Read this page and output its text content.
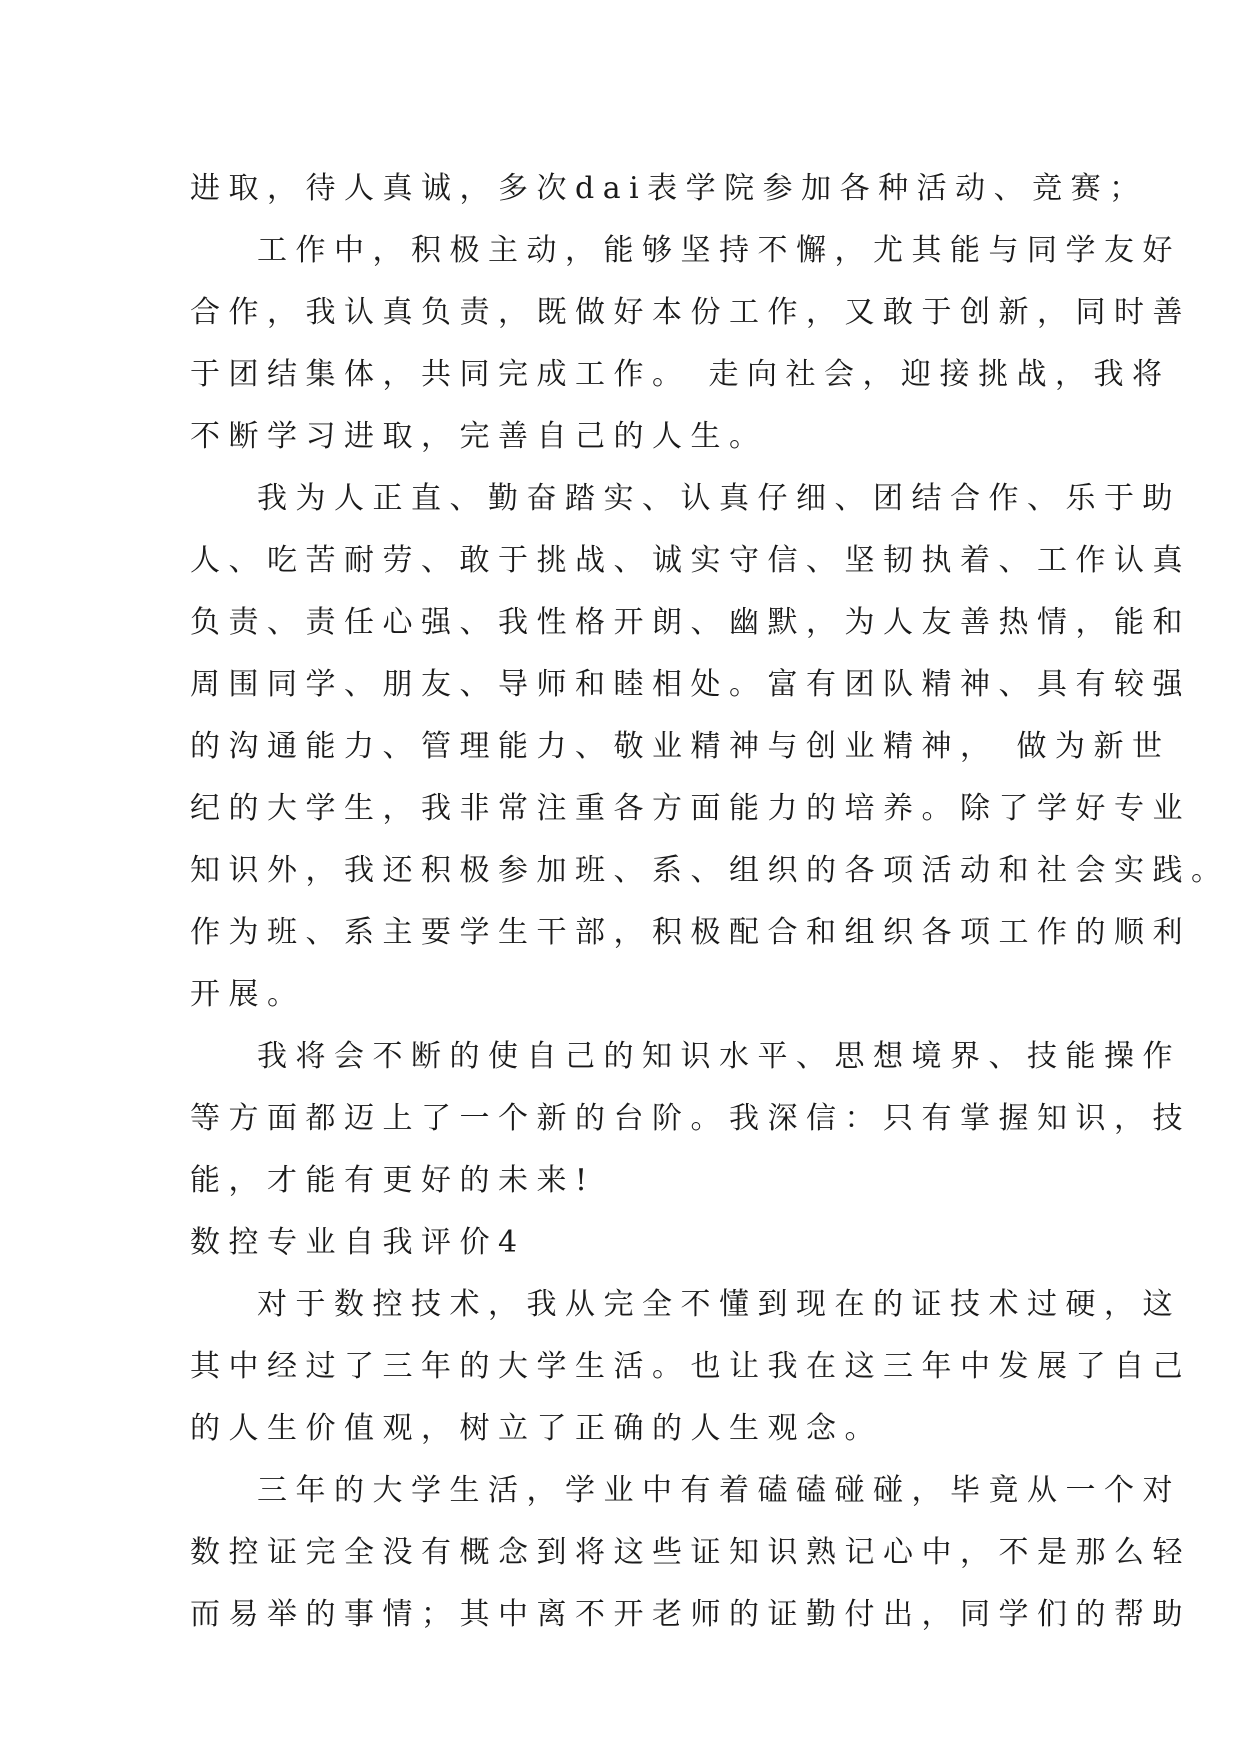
进取，待人真诚，多次dai表学院参加各种活动、竞赛；

工作中，积极主动，能够坚持不懈，尤其能与同学友好

合作，我认真负责，既做好本份工作，又敢于创新，同时善

于团结集体，共同完成工作。 走向社会，迎接挑战，我将

不断学习进取，完善自己的人生。

我为人正直、勤奋踏实、认真仔细、团结合作、乐于助

人、吃苦耐劳、敢于挑战、诚实守信、坚韧执着、工作认真

负责、责任心强、我性格开朗、幽默，为人友善热情，能和

周围同学、朋友、导师和睦相处。富有团队精神、具有较强

的沟通能力、管理能力、敬业精神与创业精神， 做为新世

纪的大学生，我非常注重各方面能力的培养。除了学好专业

知识外，我还积极参加班、系、组织的各项活动和社会实践。

作为班、系主要学生干部，积极配合和组织各项工作的顺利

开展。

我将会不断的使自己的知识水平、思想境界、技能操作

等方面都迈上了一个新的台阶。我深信：只有掌握知识，技

能，才能有更好的未来!

数控专业自我评价4

对于数控技术，我从完全不懂到现在的证技术过硬，这

其中经过了三年的大学生活。也让我在这三年中发展了自己

的人生价值观，树立了正确的人生观念。

三年的大学生活，学业中有着磕磕碰碰，毕竟从一个对

数控证完全没有概念到将这些证知识熟记心中，不是那么轻

而易举的事情；其中离不开老师的证勤付出，同学们的帮助
